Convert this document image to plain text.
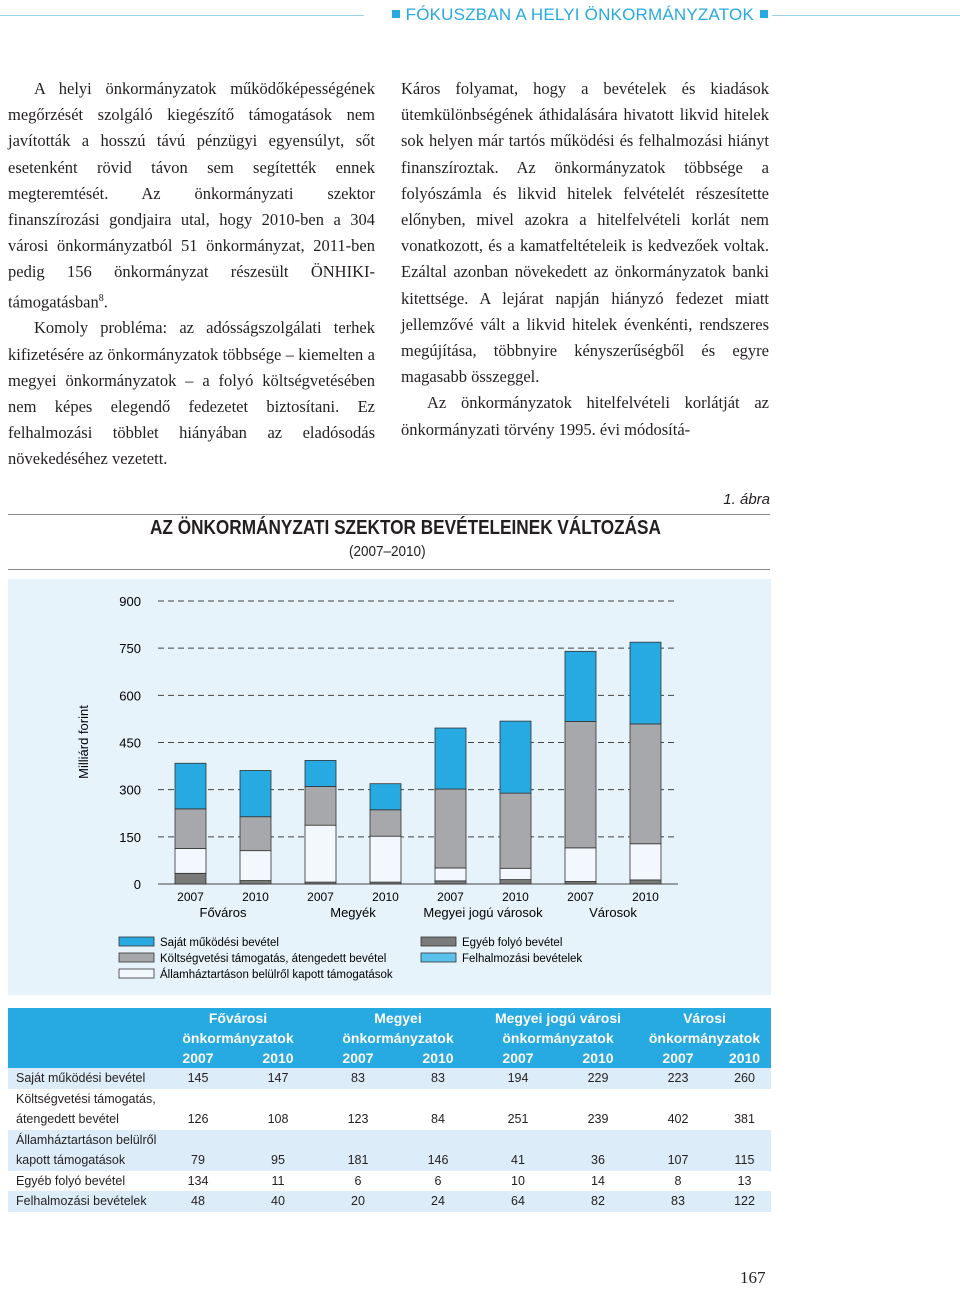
FÓKUSZBAN A HELYI ÖNKORMÁNYZATOK

A helyi önkormányzatok működőképességének megőrzését szolgáló kiegészítő támogatások nem javították a hosszú távú pénzügyi egyensúlyt, sőt esetenként rövid távon sem segítették ennek megteremtését. Az önkormányzati szektor finanszírozási gondjaira utal, hogy 2010-ben a 304 városi önkormányzatból 51 önkormányzat, 2011-ben pedig 156 önkormányzat részesült ÖNHIKI-támogatásban$^8$.

Komoly probléma: az adósságszolgálati terhek kifizetésére az önkormányzatok többsége – kiemelten a megyei önkormányzatok – a folyó költségvetésében nem képes elegendő fedezetet biztosítani. Ez felhalmozási többlet hiányában az eladósodás növekedéséhez vezetett.

Káros folyamat, hogy a bevételek és kiadások ütemkülönbségének áthidalására hivatott likvid hitelek sok helyen már tartós működési és felhalmozási hiányt finanszíroztak. Az önkormányzatok többsége a folyószámla és likvid hitelek felvételét részesítette előnyben, mivel azokra a hitelfelvételi korlát nem vonatkozott, és a kamatfeltételeik is kedvezőek voltak. Ezáltal azonban növekedett az önkormányzatok banki kitettsége. A lejárat napján hiányzó fedezet miatt jellemzővé vált a likvid hitelek évenkénti, rendszeres megújítása, többnyire kényszerűségből és egyre magasabb összeggel.

Az önkormányzatok hitelfelvételi korlátját az önkormányzati törvény 1995. évi módosítá-

1. ábra
AZ ÖNKORMÁNYZATI SZEKTOR BEVÉTELEINEK VÁLTOZÁSA
(2007–2010)
0
150
300
450
600
750
900
Milliárd forint
2007	2010	2007	2010	2007	2010	2007	2010
Főváros	Megyék	Megyei jogú városok	Városok
Saját működési bevétel
Költségvetési támogatás, átengedett bevétel
Államháztartáson belülről kapott támogatások
Egyéb folyó bevétel
Felhalmozási bevételek
	Fővárosi		Megyei		Megyei jogú városi		Városi	
	önkormányzatok		önkormányzatok		önkormányzatok		önkormányzatok	
	2007	2010	2007	2010	2007	2010	2007	2010
Saját működési bevétel	145	147	83	83	194	229	223	260
Költségvetési támogatás,								
átengedett bevétel	126	108	123	84	251	239	402	381
Államháztartáson belülről								
kapott támogatások	79	95	181	146	41	36	107	115
Egyéb folyó bevétel	134	11	6	6	10	14	8	13
Felhalmozási bevételek	48	40	20	24	64	82	83	122
167
